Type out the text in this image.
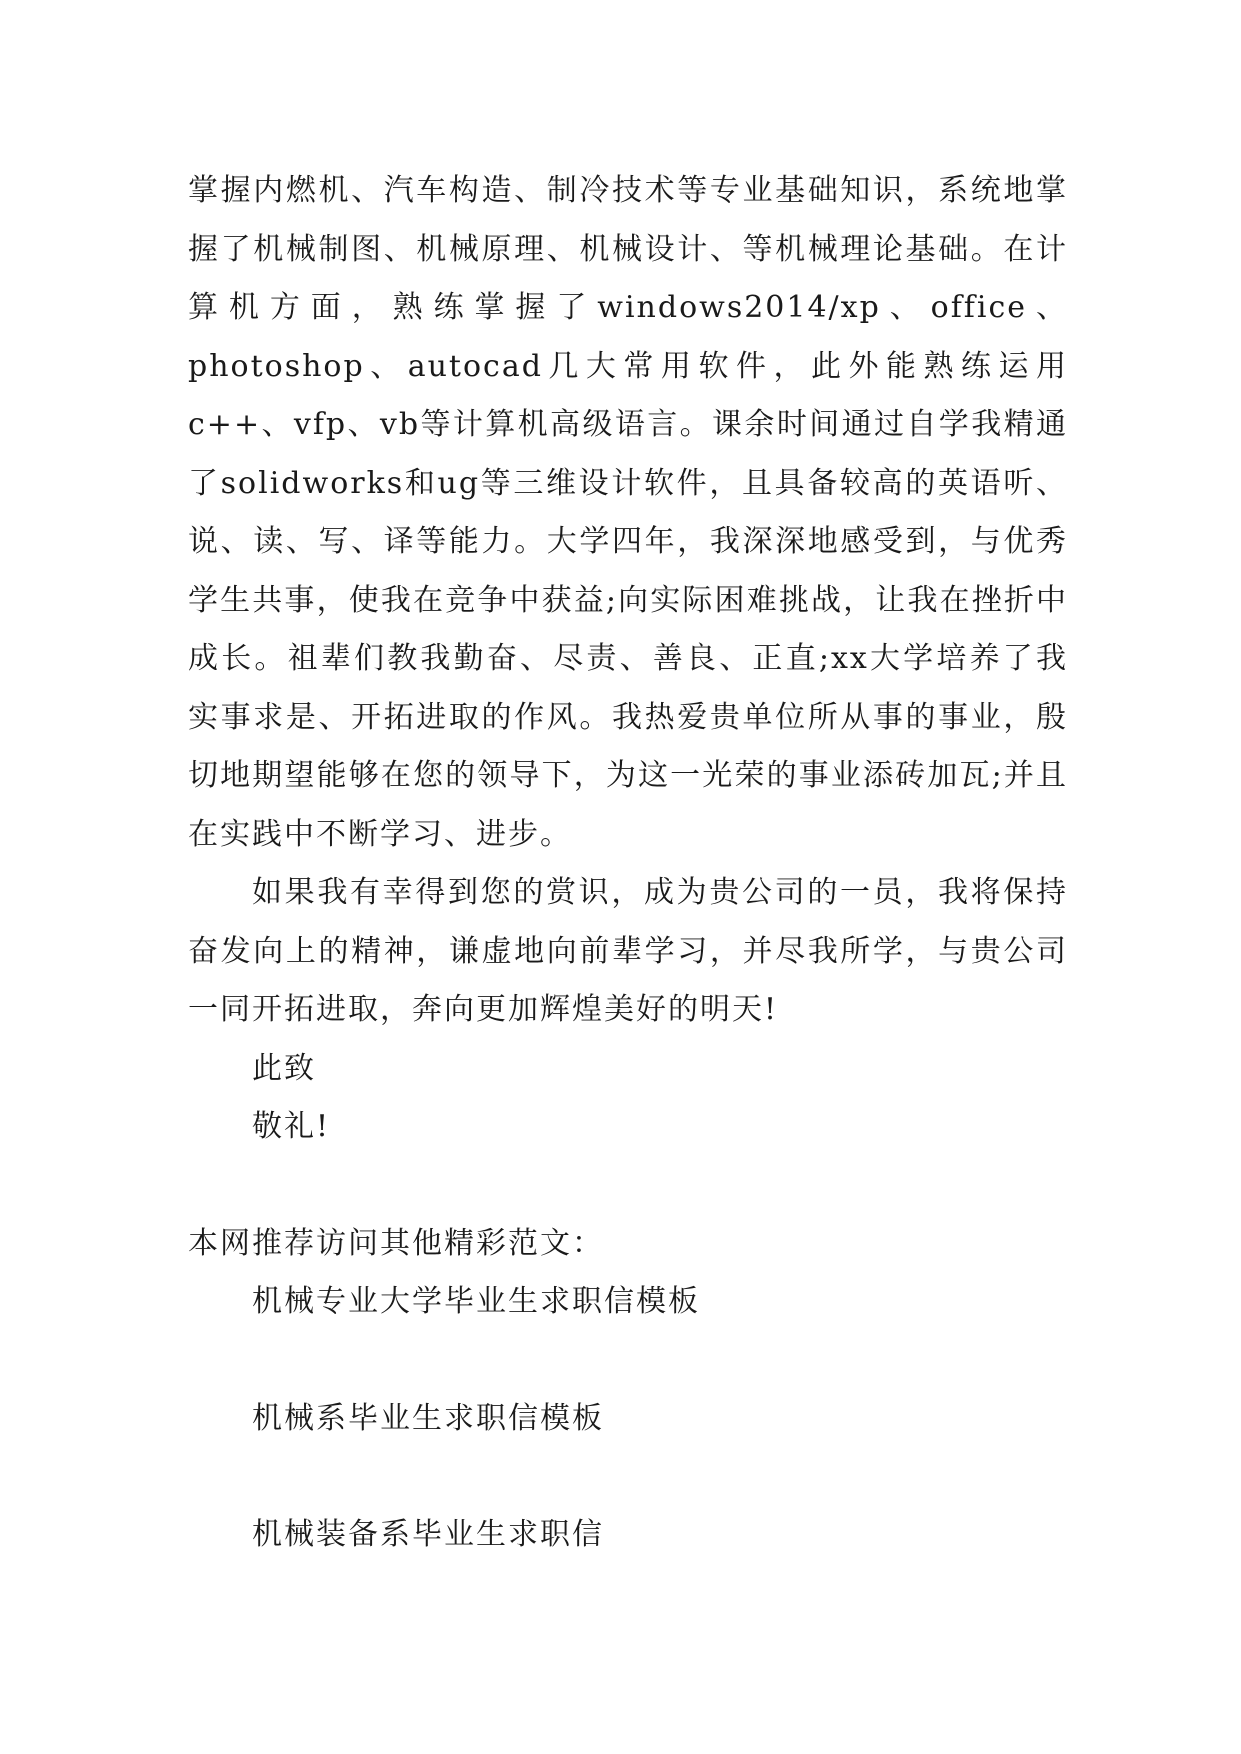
掌握内燃机、汽车构造、制冷技术等专业基础知识，系统地掌握了机械制图、机械原理、机械设计、等机械理论基础。在计算机方面，熟练掌握了windows2014/xp、office、photoshop、autocad几大常用软件，此外能熟练运用c++、vfp、vb等计算机高级语言。课余时间通过自学我精通了solidworks和ug等三维设计软件，且具备较高的英语听、说、读、写、译等能力。大学四年，我深深地感受到，与优秀学生共事，使我在竞争中获益;向实际困难挑战，让我在挫折中成长。祖辈们教我勤奋、尽责、善良、正直;xx大学培养了我实事求是、开拓进取的作风。我热爱贵单位所从事的事业，殷切地期望能够在您的领导下，为这一光荣的事业添砖加瓦;并且在实践中不断学习、进步。

如果我有幸得到您的赏识，成为贵公司的一员，我将保持奋发向上的精神，谦虚地向前辈学习，并尽我所学，与贵公司一同开拓进取，奔向更加辉煌美好的明天!

此致

敬礼!

本网推荐访问其他精彩范文：

机械专业大学毕业生求职信模板
机械系毕业生求职信模板
机械装备系毕业生求职信
